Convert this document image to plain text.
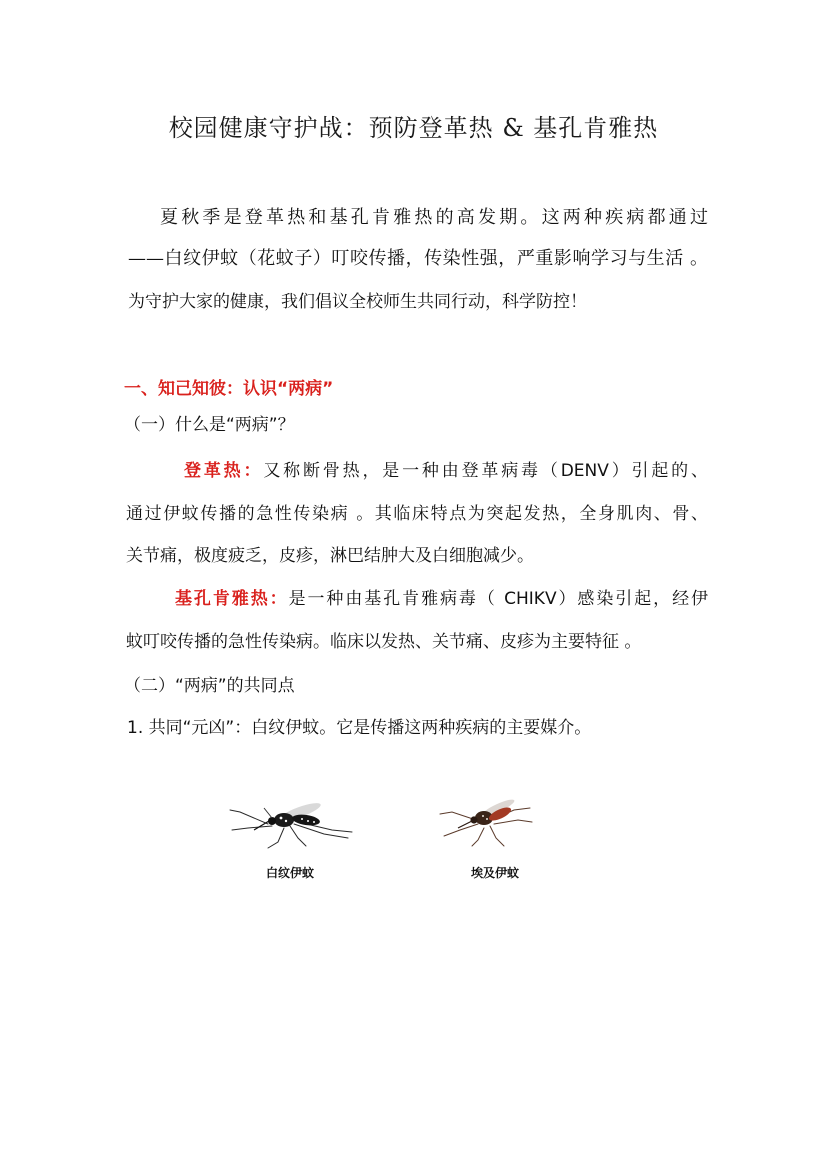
校园健康守护战：预防登革热 & 基孔肯雅热
夏秋季是登革热和基孔肯雅热的高发期。这两种疾病都通过
——白纹伊蚊（花蚊子）叮咬传播，传染性强，严重影响学习与生活 。
为守护大家的健康，我们倡议全校师生共同行动，科学防控！
一、知己知彼：认识“两病”
（一）什么是“两病”？
登革热：又称断骨热，是一种由登革病毒（DENV）引起的、
通过伊蚊传播的急性传染病 。其临床特点为突起发热，全身肌肉、骨、
关节痛，极度疲乏，皮疹，淋巴结肿大及白细胞减少。
基孔肯雅热：是一种由基孔肯雅病毒（ CHIKV）感染引起，经伊
蚊叮咬传播的急性传染病。临床以发热、关节痛、皮疹为主要特征 。
（二）“两病”的共同点
1. 共同“元凶”：白纹伊蚊。它是传播这两种疾病的主要媒介。
白纹伊蚊	埃及伊蚊
